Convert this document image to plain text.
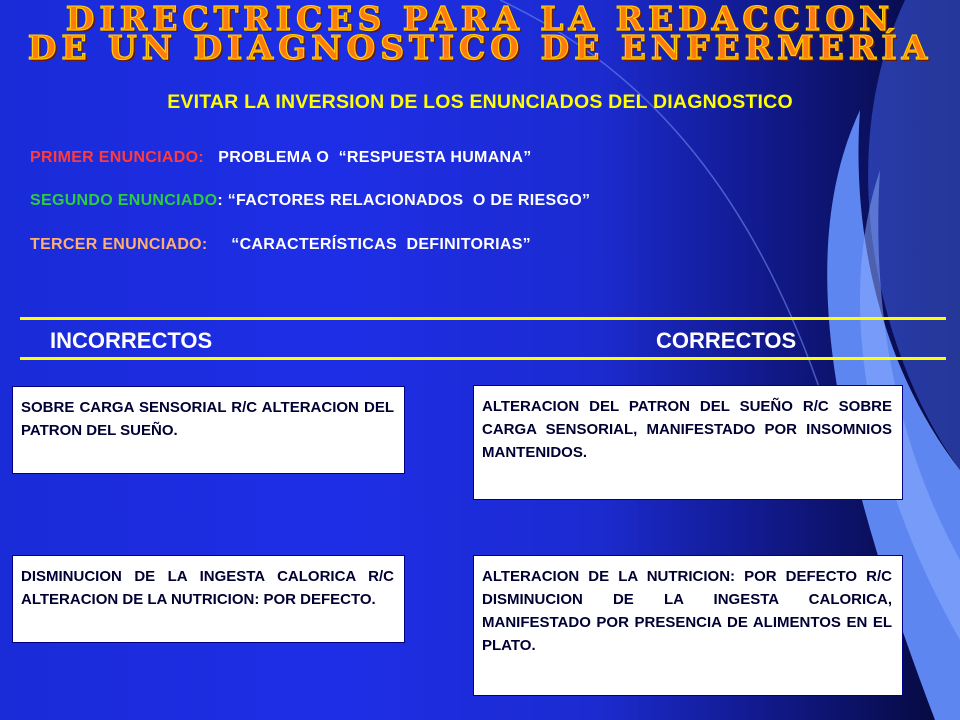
DIRECTRICES PARA LA REDACCION
DE UN DIAGNOSTICO DE ENFERMERÍA
EVITAR LA INVERSION DE LOS ENUNCIADOS DEL DIAGNOSTICO
PRIMER ENUNCIADO:   PROBLEMA O  “RESPUESTA HUMANA”
SEGUNDO ENUNCIADO: “FACTORES RELACIONADOS  O DE RIESGO”
TERCER ENUNCIADO:     “CARACTERÍSTICAS  DEFINITORIAS”
INCORRECTOS	CORRECTOS
SOBRE CARGA SENSORIAL R/C ALTERACION DEL PATRON DEL SUEÑO.
ALTERACION DEL PATRON DEL SUEÑO R/C SOBRE CARGA SENSORIAL, MANIFESTADO POR INSOMNIOS MANTENIDOS.
DISMINUCION DE LA INGESTA CALORICA R/C ALTERACION DE LA NUTRICION: POR DEFECTO.
ALTERACION DE LA NUTRICION: POR DEFECTO R/C DISMINUCION DE LA INGESTA CALORICA, MANIFESTADO POR PRESENCIA DE ALIMENTOS EN EL PLATO.
